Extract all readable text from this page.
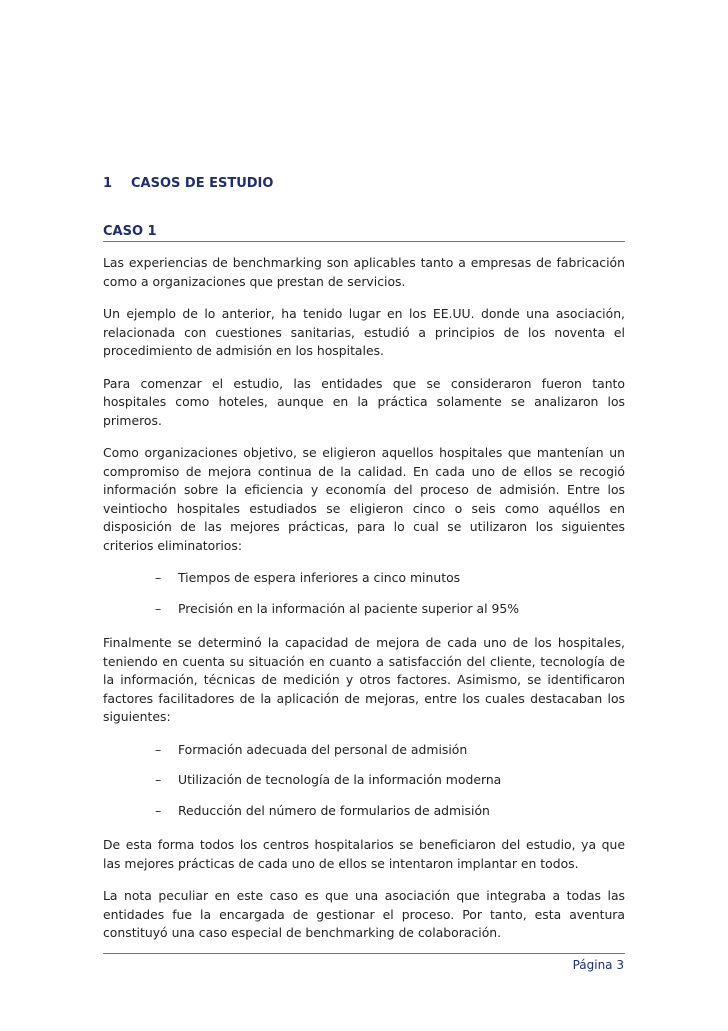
1 CASOS DE ESTUDIO
CASO 1

Las experiencias de benchmarking son aplicables tanto a empresas de fabricación como a organizaciones que prestan de servicios.

Un ejemplo de lo anterior, ha tenido lugar en los EE.UU. donde una asociación, relacionada con cuestiones sanitarias, estudió a principios de los noventa el procedimiento de admisión en los hospitales.

Para comenzar el estudio, las entidades que se consideraron fueron tanto hospitales como hoteles, aunque en la práctica solamente se analizaron los primeros.

Como organizaciones objetivo, se eligieron aquellos hospitales que mantenían un compromiso de mejora continua de la calidad. En cada uno de ellos se recogió información sobre la eficiencia y economía del proceso de admisión. Entre los veintiocho hospitales estudiados se eligieron cinco o seis como aquéllos en disposición de las mejores prácticas, para lo cual se utilizaron los siguientes criterios eliminatorios:

– Tiempos de espera inferiores a cinco minutos
– Precisión en la información al paciente superior al 95%

Finalmente se determinó la capacidad de mejora de cada uno de los hospitales, teniendo en cuenta su situación en cuanto a satisfacción del cliente, tecnología de la información, técnicas de medición y otros factores. Asimismo, se identificaron factores facilitadores de la aplicación de mejoras, entre los cuales destacaban los siguientes:

– Formación adecuada del personal de admisión
– Utilización de tecnología de la información moderna
– Reducción del número de formularios de admisión

De esta forma todos los centros hospitalarios se beneficiaron del estudio, ya que las mejores prácticas de cada uno de ellos se intentaron implantar en todos.

La nota peculiar en este caso es que una asociación que integraba a todas las entidades fue la encargada de gestionar el proceso. Por tanto, esta aventura constituyó una caso especial de benchmarking de colaboración.

Página 3
